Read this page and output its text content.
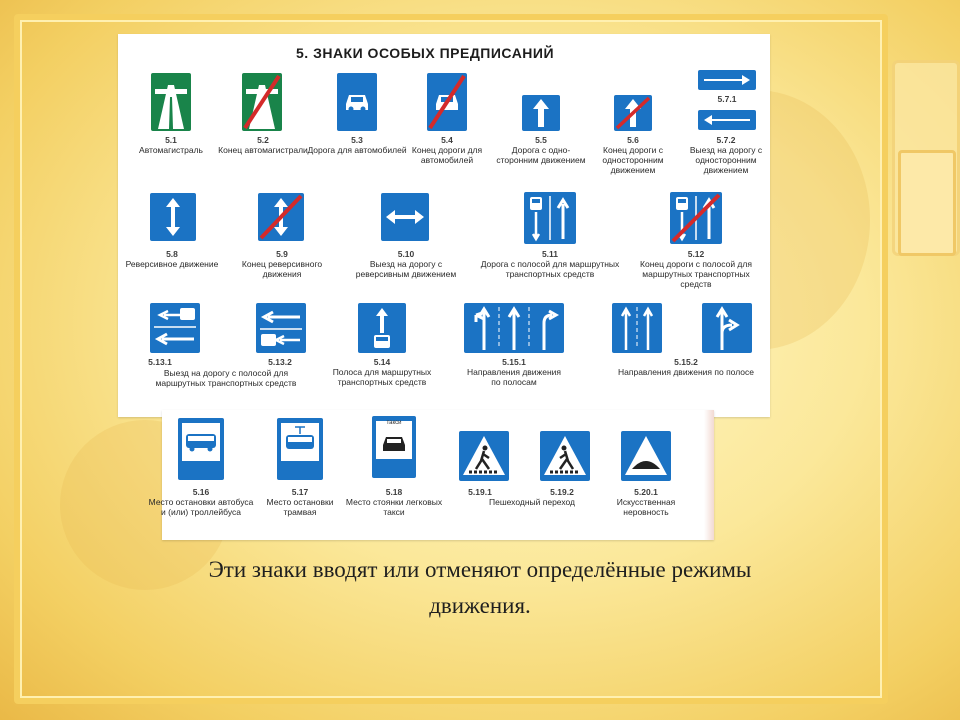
5. ЗНАКИ ОСОБЫХ ПРЕДПИСАНИЙ
5.1
Автомагистраль
5.2
Конец автомагистрали
5.3
Дорога для автомобилей
5.4
Конец дороги для автомобилей
5.5
Дорога с одно- сторонним движением
5.6
Конец дороги с односторонним движением
5.7.1
5.7.2
Выезд на дорогу с односторонним движением
5.8
Реверсивное движение
5.9
Конец реверсивного движения
5.10
Выезд на дорогу с реверсивным движением
5.11
Дорога с полосой для маршрутных транспортных средств
5.12
Конец дороги с полосой для маршрутных транспортных средств
5.13.1	5.13.2
Выезд на дорогу с полосой для маршрутных транспортных средств
5.14
Полоса для маршрутных транспортных средств
5.15.1
Направления движения по полосам
5.15.2
Направления движения по полосе
5.16
Место остановки автобуса и (или) троллейбуса
5.17
Место остановки трамвая
такси
5.18
Место стоянки легковых такси
5.19.1	5.19.2
Пешеходный переход
5.20.1
Искусственная неровность
Эти знаки вводят или отменяют определённые режимы
движения.
